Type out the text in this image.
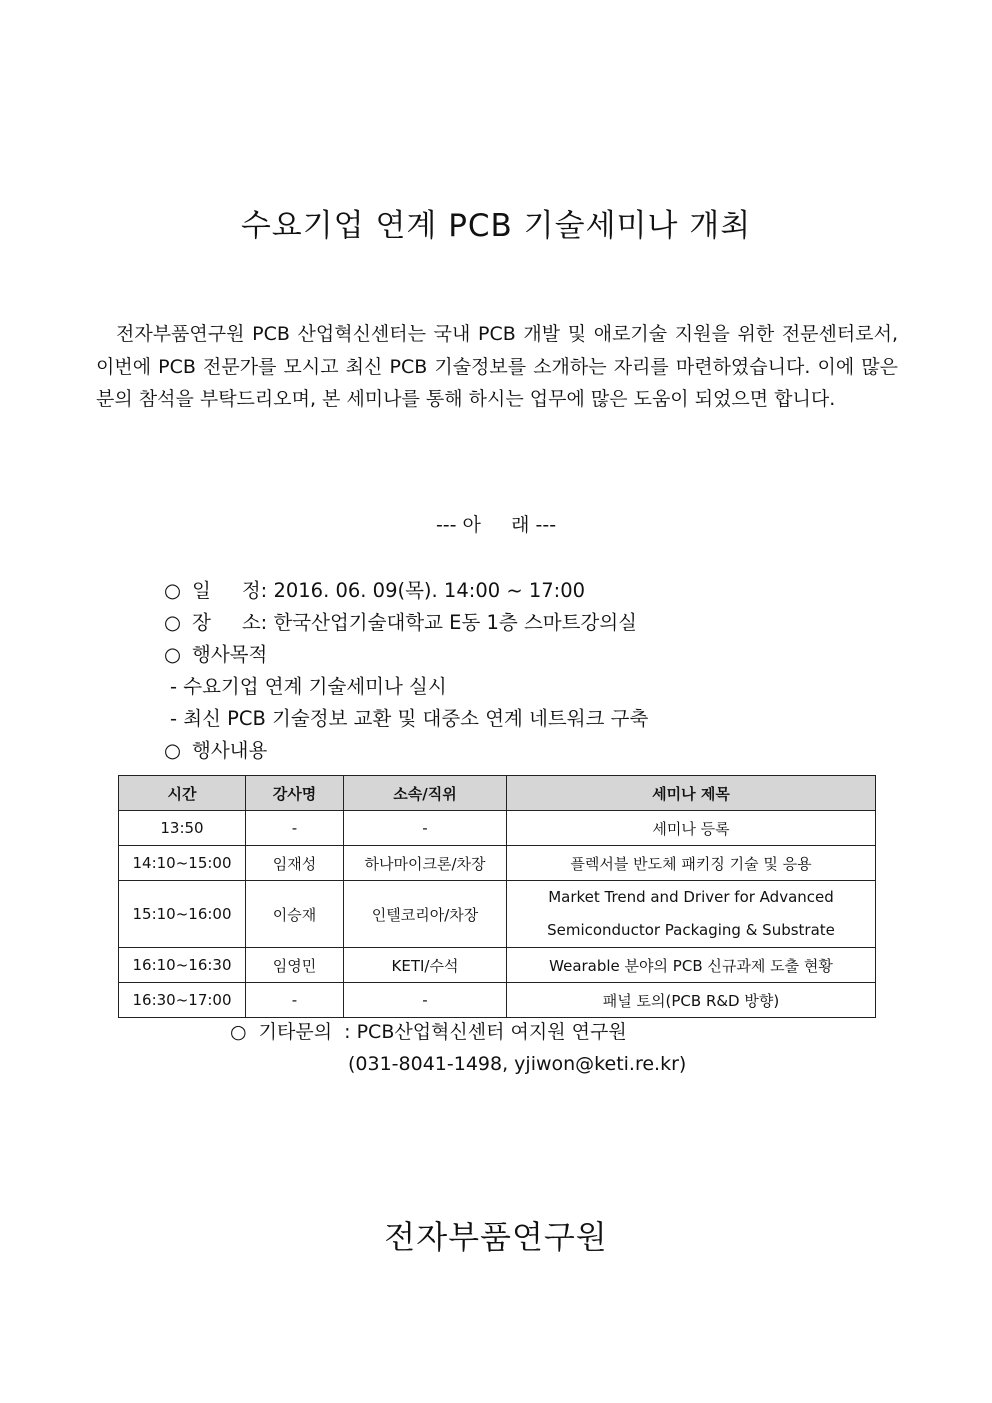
수요기업 연계 PCB 기술세미나 개최
전자부품연구원 PCB 산업혁신센터는 국내 PCB 개발 및 애로기술 지원을 위한 전문센터로서, 이번에 PCB 전문가를 모시고 최신 PCB 기술정보를 소개하는 자리를 마련하였습니다. 이에 많은 분의 참석을 부탁드리오며, 본 세미나를 통해 하시는 업무에 많은 도움이 되었으면 합니다.
--- 아     래 ---
○ 일     정: 2016. 06. 09(목). 14:00 ~ 17:00
○ 장     소: 한국산업기술대학교 E동 1층 스마트강의실
○ 행사목적
- 수요기업 연계 기술세미나 실시
- 최신 PCB 기술정보 교환 및 대중소 연계 네트워크 구축
○ 행사내용
시간	강사명	소속/직위	세미나 제목
13:50	-	-	세미나 등록
14:10~15:00	임재성	하나마이크론/차장	플렉서블 반도체 패키징 기술 및 응용
15:10~16:00	이승재	인텔코리아/차장	Market Trend and Driver for Advanced
Semiconductor Packaging & Substrate

16:10~16:30	임영민	KETI/수석	Wearable 분야의 PCB 신규과제 도출 현황
16:30~17:00	-	-	패널 토의(PCB R&D 방향)
○  기타문의  : PCB산업혁신센터 여지원 연구원
(031-8041-1498, yjiwon@keti.re.kr)
전자부품연구원
